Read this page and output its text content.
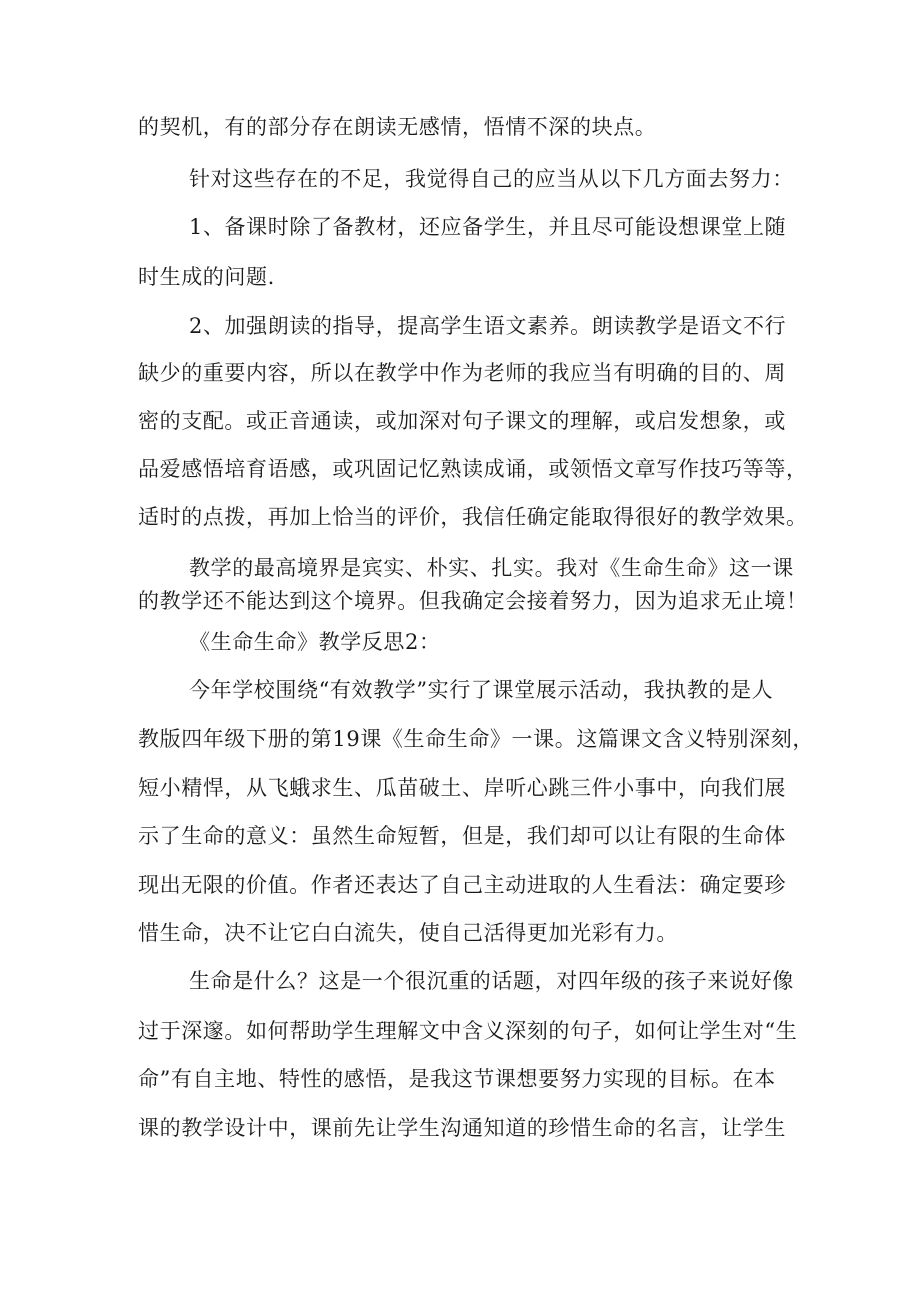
的契机，有的部分存在朗读无感情，悟情不深的块点。
针对这些存在的不足，我觉得自己的应当从以下几方面去努力：
1、备课时除了备教材，还应备学生，并且尽可能设想课堂上随
时生成的问题.
2、加强朗读的指导，提高学生语文素养。朗读教学是语文不行
缺少的重要内容，所以在教学中作为老师的我应当有明确的目的、周
密的支配。或正音通读，或加深对句子课文的理解，或启发想象，或
品爱感悟培育语感，或巩固记忆熟读成诵，或领悟文章写作技巧等等，
适时的点拨，再加上恰当的评价，我信任确定能取得很好的教学效果。
教学的最高境界是宾实、朴实、扎实。我对《生命生命》这一课
的教学还不能达到这个境界。但我确定会接着努力，因为追求无止境！
《生命生命》教学反思2：
今年学校围绕“有效教学”实行了课堂展示活动，我执教的是人
教版四年级下册的第19课《生命生命》一课。这篇课文含义特别深刻，
短小精悍，从飞蛾求生、瓜苗破土、岸听心跳三件小事中，向我们展
示了生命的意义：虽然生命短暂，但是，我们却可以让有限的生命体
现出无限的价值。作者还表达了自己主动进取的人生看法：确定要珍
惜生命，决不让它白白流失，使自己活得更加光彩有力。
生命是什么？这是一个很沉重的话题，对四年级的孩子来说好像
过于深邃。如何帮助学生理解文中含义深刻的句子，如何让学生对“生
命”有自主地、特性的感悟，是我这节课想要努力实现的目标。在本
课的教学设计中，课前先让学生沟通知道的珍惜生命的名言，让学生
